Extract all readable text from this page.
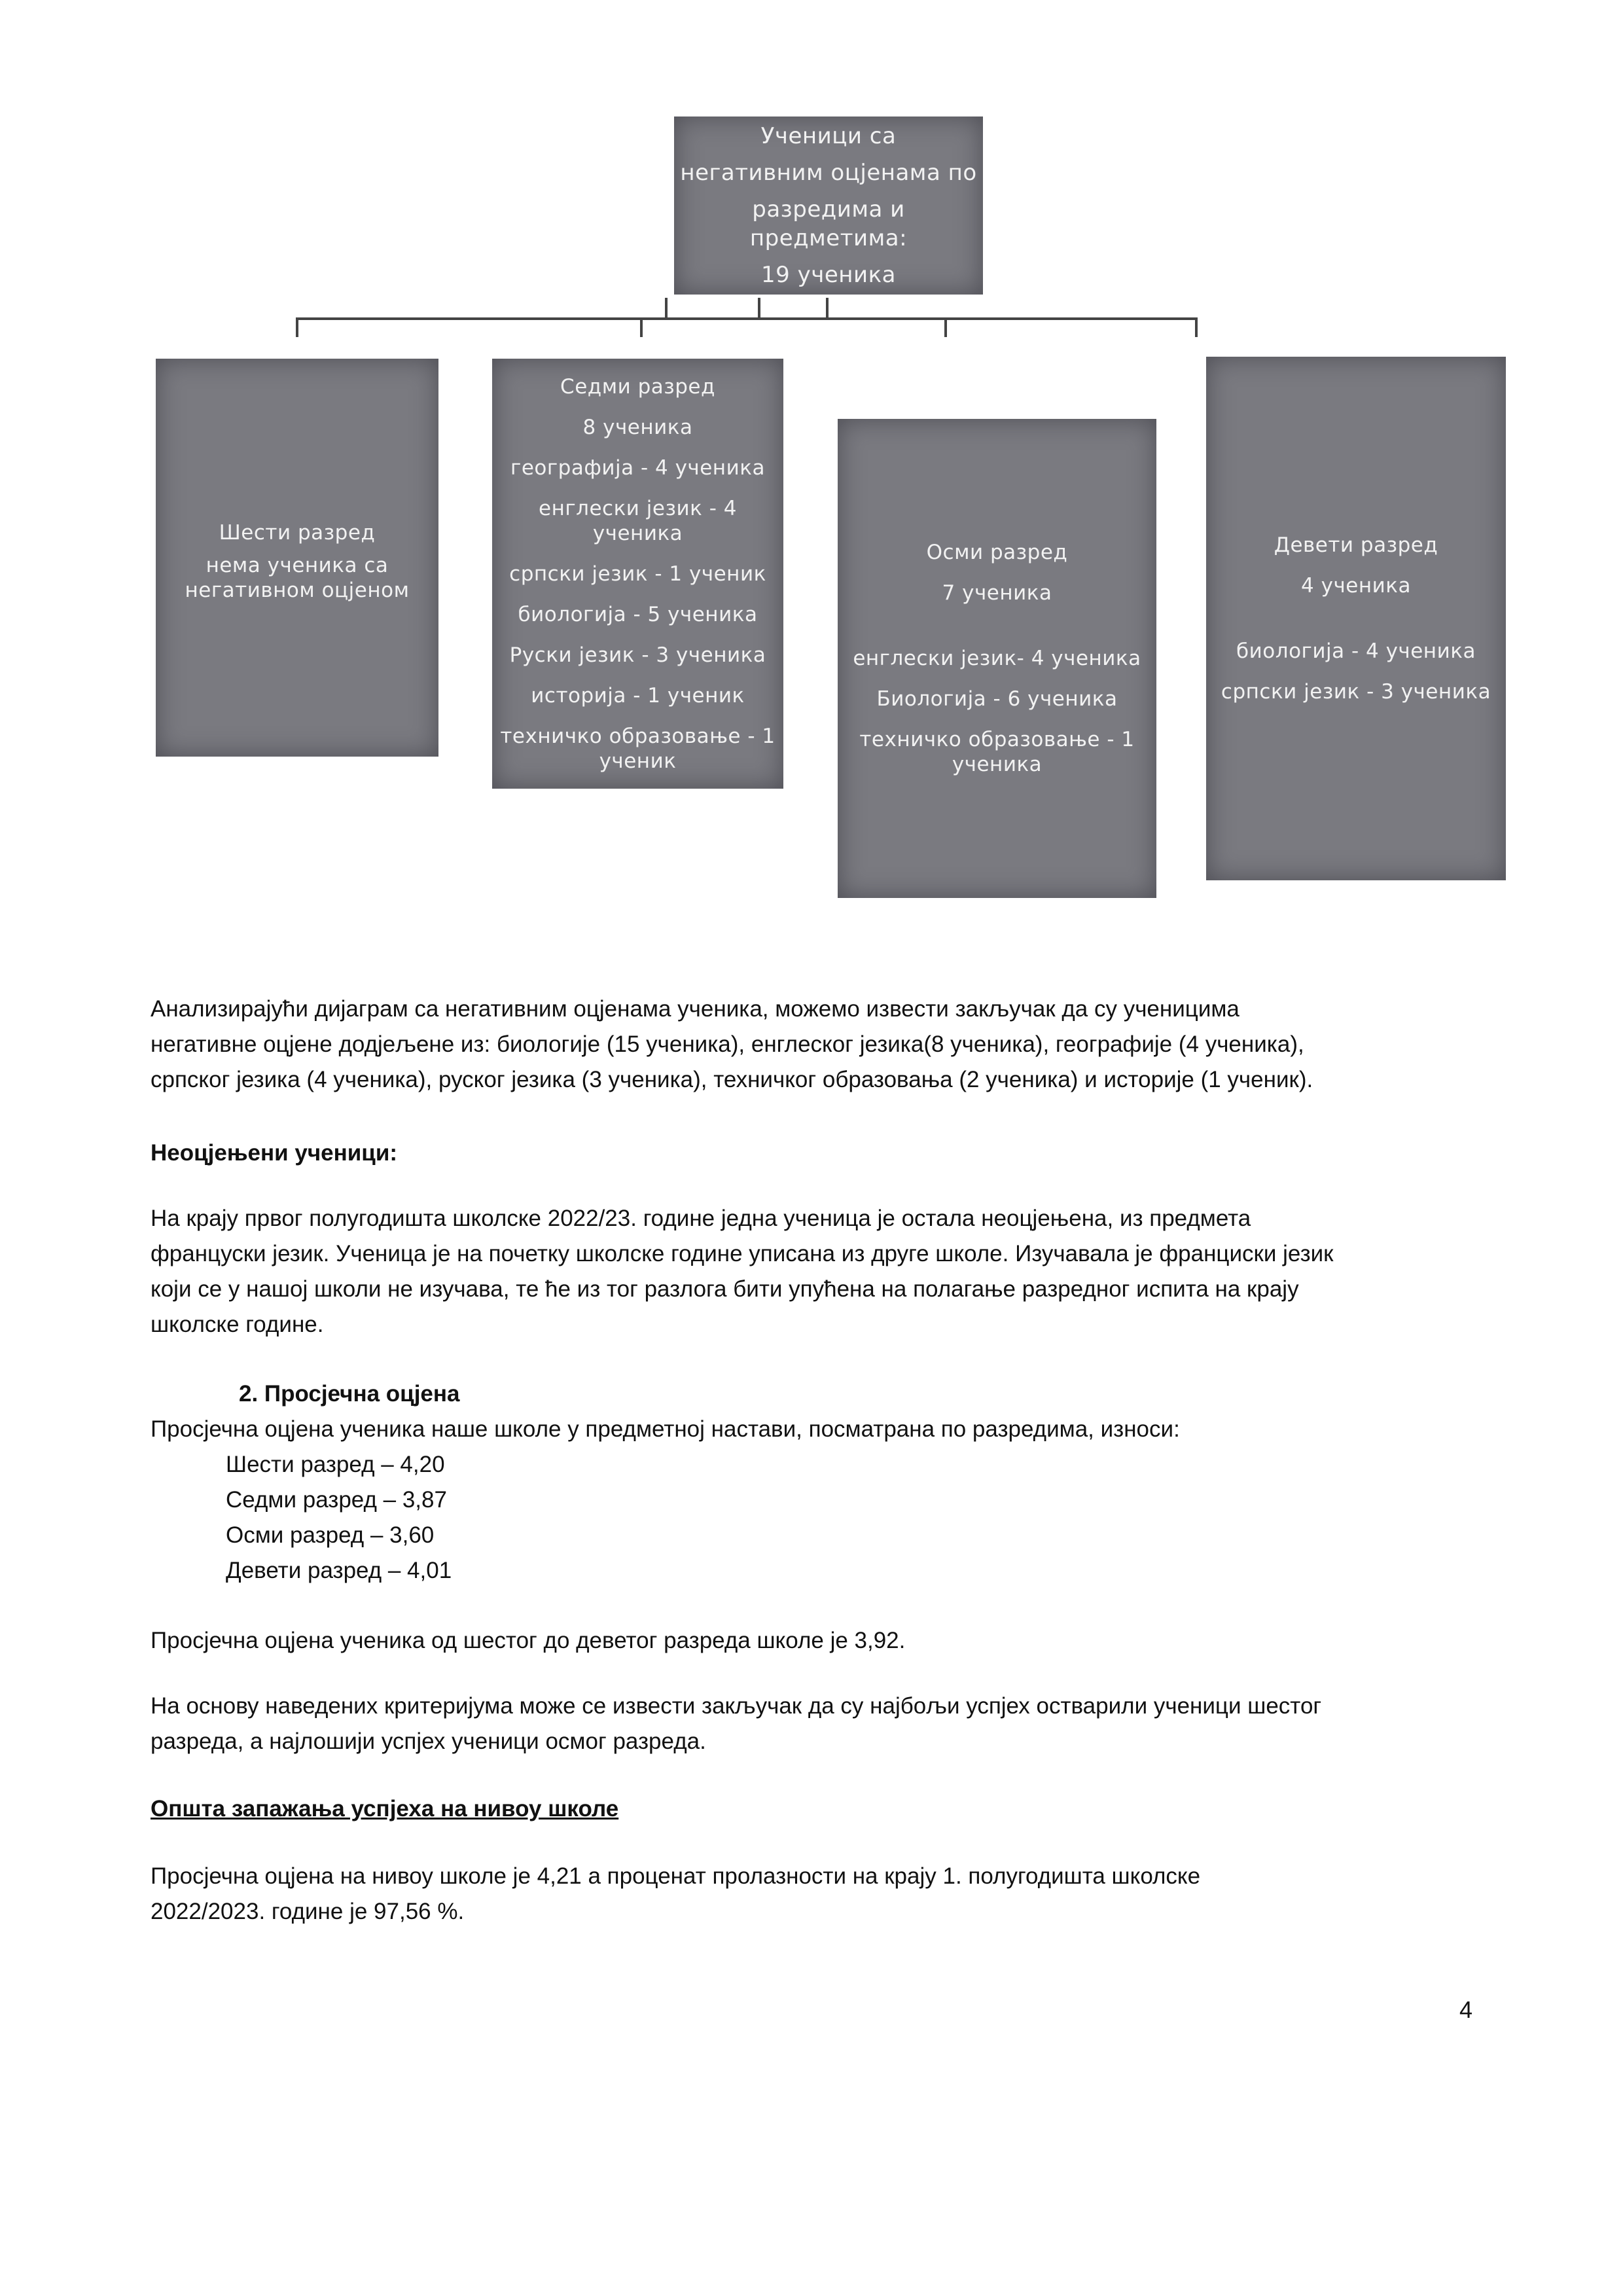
Ученици са
негативним оцјенама по
разредима и предметима:
19 ученика
Шести разред
нема ученика са
негативном оцјеном
Седми разред
8 ученика
географија - 4 ученика
енглески језик - 4
ученика
српски језик - 1 ученик
биологија - 5 ученика
Руски језик - 3 ученика
историја - 1 ученик
техничко образовање - 1
ученик
Осми разред
7 ученика
енглески језик- 4 ученика
Биологија - 6 ученика
техничко образовање - 1
ученика
Девети разред
4 ученика
биологија - 4 ученика
српски језик - 3 ученика
Анализирајући дијаграм са негативним оцјенама ученика, можемо извести закључак да су ученицима
негативне оцјене додјељене из: биологије (15 ученика), енглеског језика(8 ученика), географије (4 ученика),
српског језика (4 ученика), руског језика (3 ученика), техничког образовања (2 ученика) и историје (1 ученик).
Неоцјењени ученици:
На крају првог полугодишта школске 2022/23. године једна ученица је остала неоцјењена, из предмета
француски језик. Ученица је на почетку школске године уписана из друге школе. Изучавала је франциски језик
који се у нашој школи не изучава, те ће из тог разлога бити упућена на полагање разредног испита на крају
школске године.
2. Просјечна оцјена
Просјечна оцјена ученика наше школе у предметној настави, посматрана по разредима, износи:
Шести разред – 4,20
Седми разред – 3,87
Осми разред – 3,60
Девети разред – 4,01
Просјечна оцјена ученика од шестог до деветог разреда школе је 3,92.
На основу наведених критеријума може се извести закључак да су најбољи успјех остварили ученици шестог
разреда, а најлошији успјех ученици осмог разреда.
Општа запажања успјеха на нивоу школе
Просјечна оцјена на нивоу школе је 4,21 а проценат пролазности на крају 1. полугодишта школске
2022/2023. године је 97,56 %.
4
